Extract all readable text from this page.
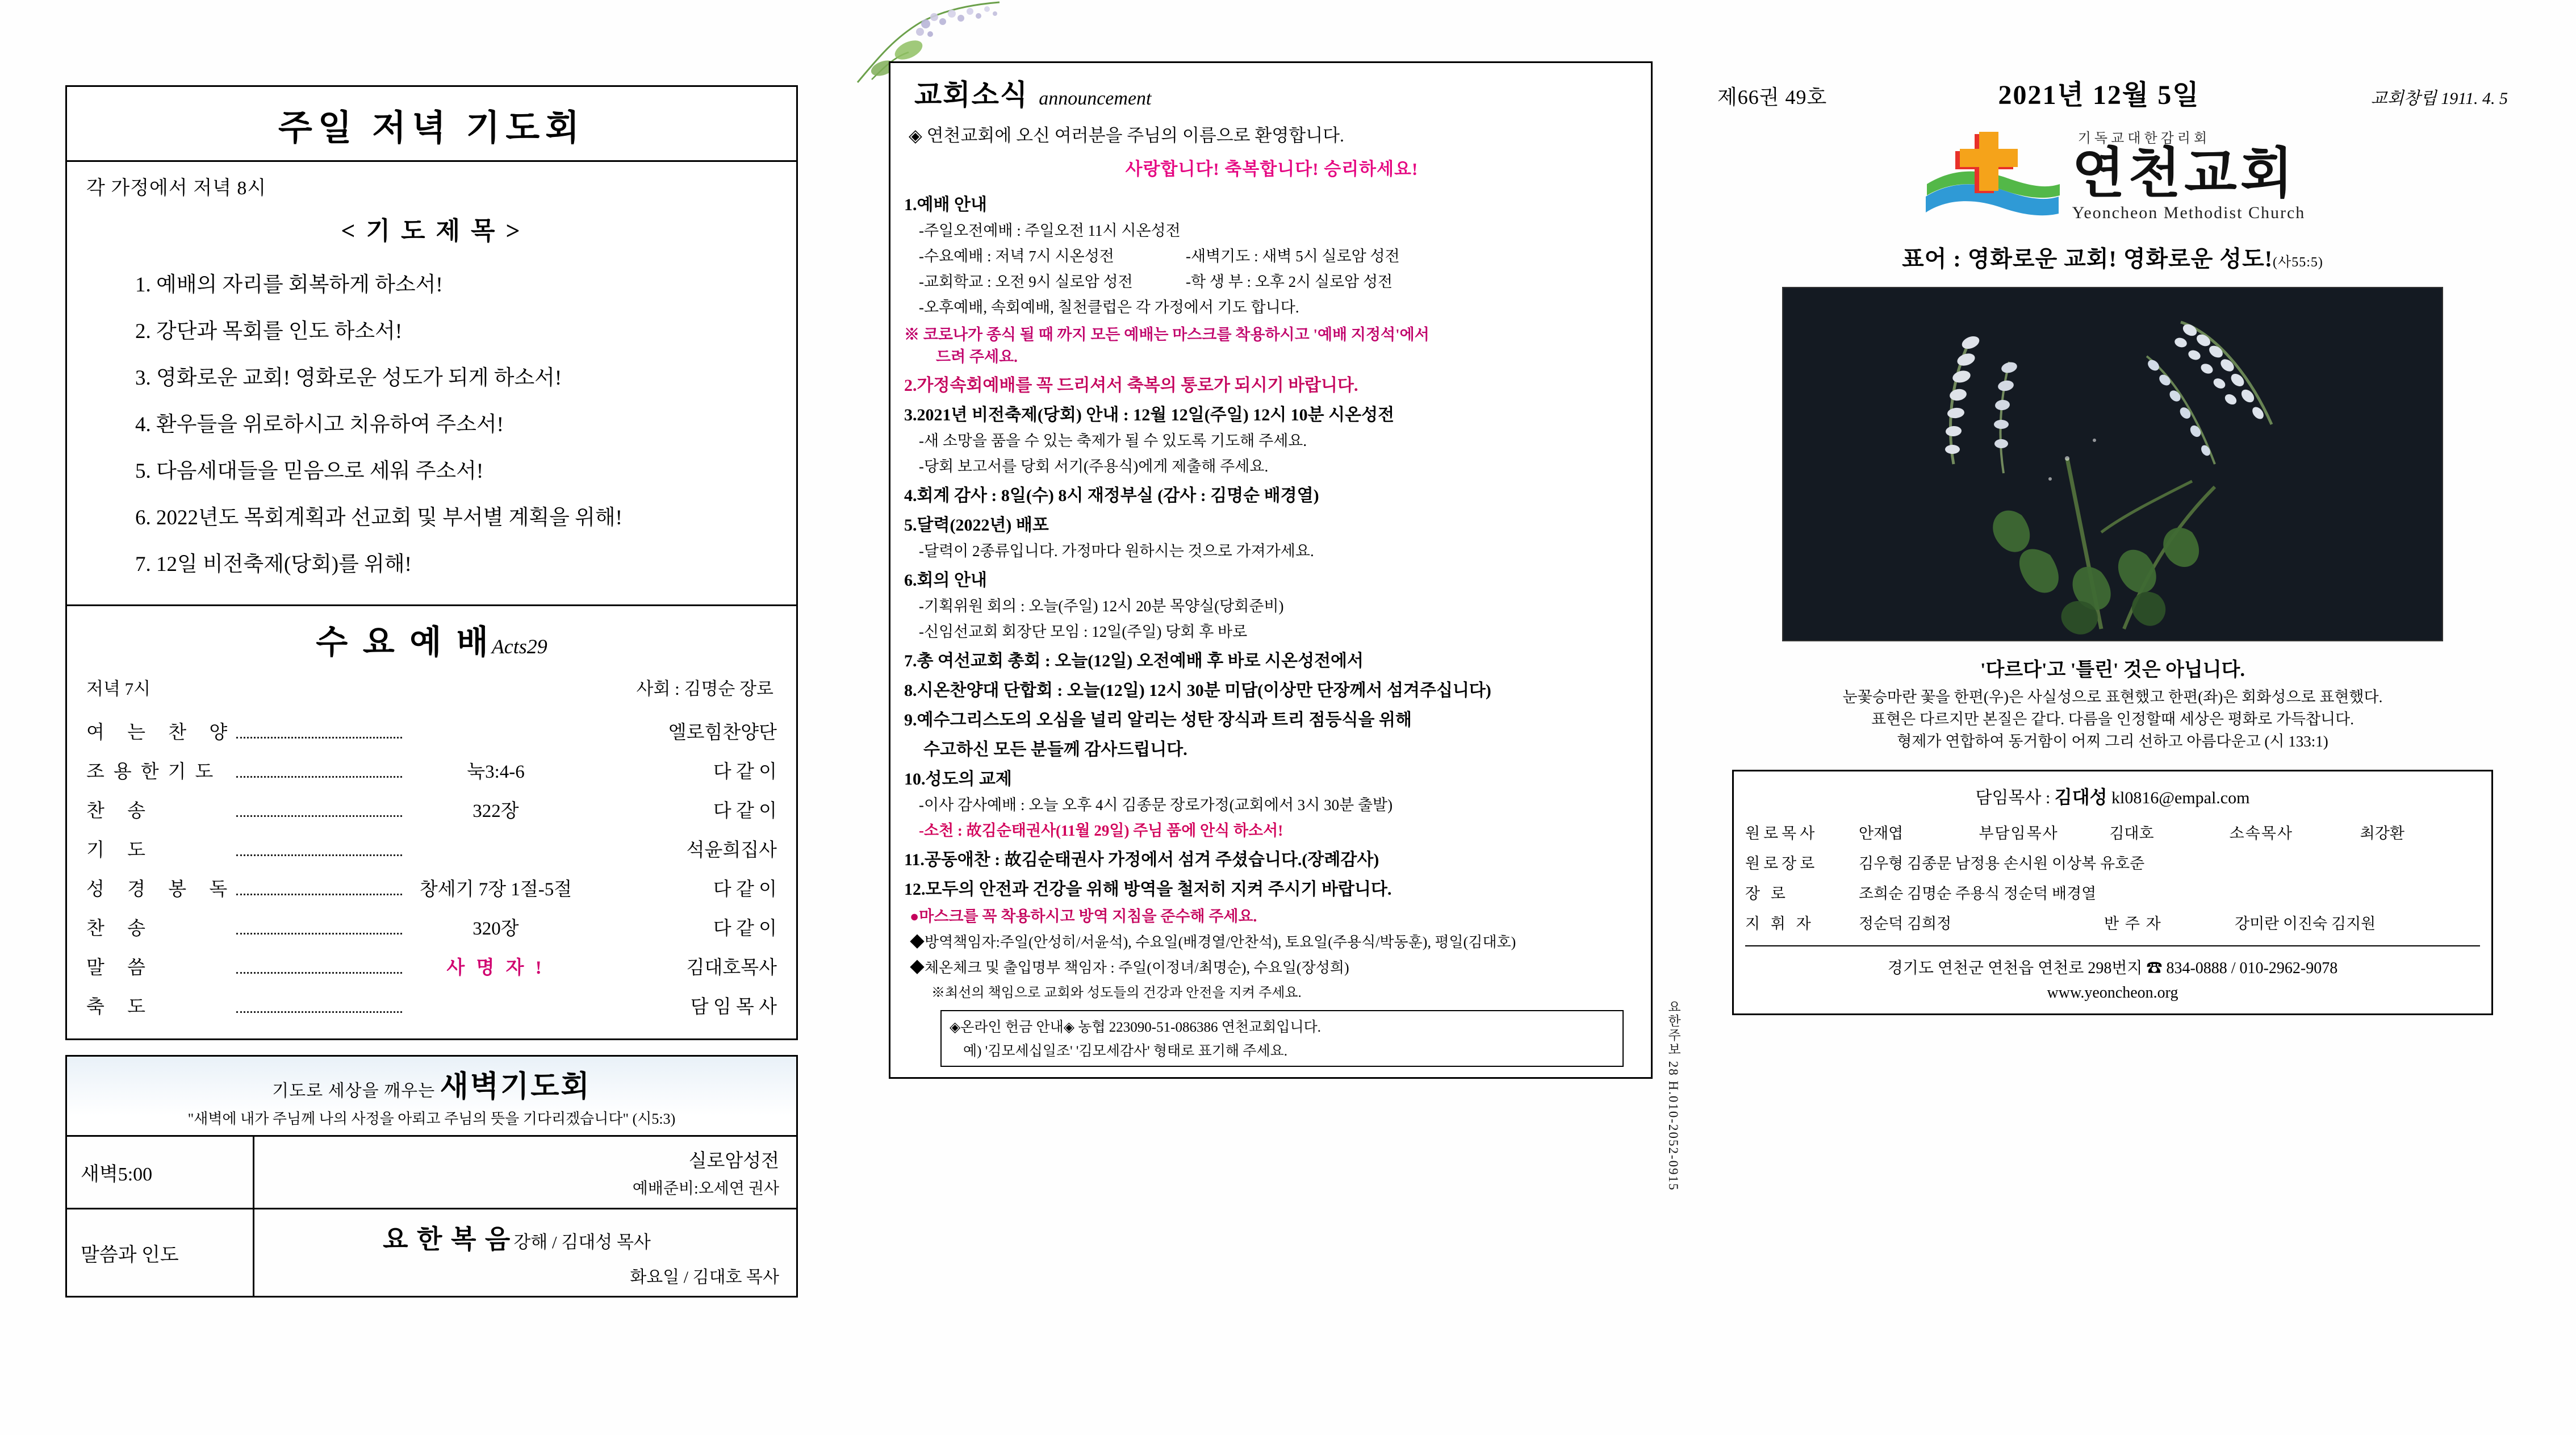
주일 저녁 기도회
각 가정에서 저녁 8시
< 기 도 제 목 >
1. 예배의 자리를 회복하게 하소서!
2. 강단과 목회를 인도 하소서!
3. 영화로운 교회! 영화로운 성도가 되게 하소서!
4. 환우들을 위로하시고 치유하여 주소서!
5. 다음세대들을 믿음으로 세워 주소서!
6. 2022년도 목회계획과 선교회 및 부서별 계획을 위해!
7. 12일 비전축제(당회)를 위해!
수 요 예 배Acts29
저녁 7시	사회 : 김명순 장로
여 는 찬 양			엘로힘찬양단
조용한기도		눅3:4-6	다 같 이
찬 송		322장	다 같 이
기 도			석윤희집사
성 경 봉 독		창세기 7장 1절-5절	다 같 이
찬 송		320장	다 같 이
말 씀		사 명 자 !	김대호목사
축 도			담 임 목 사
기도로 세상을 깨우는 새벽기도회
"새벽에 내가 주님께 나의 사정을 아뢰고 주님의 뜻을 기다리겠습니다" (시5:3)
새벽5:00
실로암성전
예배준비:오세연 권사
말씀과 인도
요 한 복 음 강해 / 김대성 목사
화요일 / 김대호 목사
교회소식 announcement
◈ 연천교회에 오신 여러분을 주님의 이름으로 환영합니다.
사랑합니다! 축복합니다! 승리하세요!
1.예배 안내
-주일오전예배 : 주일오전 11시 시온성전
-수요예배 : 저녁 7시 시온성전	-새벽기도 : 새벽 5시 실로암 성전
-교회학교 : 오전 9시 실로암 성전	-학 생 부 : 오후 2시 실로암 성전
-오후예배, 속회예배, 칠천클럽은 각 가정에서 기도 합니다.
※ 코로나가 종식 될 때 까지 모든 예배는 마스크를 착용하시고 '예배 지정석'에서
드려 주세요.
2.가정속회예배를 꼭 드리셔서 축복의 통로가 되시기 바랍니다.
3.2021년 비전축제(당회) 안내 : 12월 12일(주일) 12시 10분 시온성전
-새 소망을 품을 수 있는 축제가 될 수 있도록 기도해 주세요.
-당회 보고서를 당회 서기(주용식)에게 제출해 주세요.
4.회계 감사 : 8일(수) 8시 재정부실 (감사 : 김명순 배경열)
5.달력(2022년) 배포
-달력이 2종류입니다. 가정마다 원하시는 것으로 가져가세요.
6.회의 안내
-기획위원 회의 : 오늘(주일) 12시 20분 목양실(당회준비)
-신임선교회 회장단 모임 : 12일(주일) 당회 후 바로
7.총 여선교회 총회 : 오늘(12일) 오전예배 후 바로 시온성전에서
8.시온찬양대 단합회 : 오늘(12일) 12시 30분 미담(이상만 단장께서 섬겨주십니다)
9.예수그리스도의 오심을 널리 알리는 성탄 장식과 트리 점등식을 위해
수고하신 모든 분들께 감사드립니다.
10.성도의 교제
-이사 감사예배 : 오늘 오후 4시 김종문 장로가정(교회에서 3시 30분 출발)
-소천 : 故김순태권사(11월 29일) 주님 품에 안식 하소서!
11.공동애찬 : 故김순태권사 가정에서 섬겨 주셨습니다.(장례감사)
12.모두의 안전과 건강을 위해 방역을 철저히 지켜 주시기 바랍니다.
●마스크를 꼭 착용하시고 방역 지침을 준수해 주세요.
◆방역책임자:주일(안성히/서윤석), 수요일(배경열/안찬석), 토요일(주용식/박동훈), 평일(김대호)
◆체온체크 및 출입명부 책임자 : 주일(이정녀/최명순), 수요일(장성희)
※최선의 책임으로 교회와 성도들의 건강과 안전을 지켜 주세요.
◈온라인 헌금 안내◈ 농협 223090-51-086386 연천교회입니다.
예) '김모세십일조' '김모세감사' 형태로 표기해 주세요.	요한주보 28 H.010-2052-0915
제66권 49호	2021년 12월 5일	교회창립 1911. 4. 5
기독교대한감리회
연천교회
Yeoncheon Methodist Church
표어 : 영화로운 교회! 영화로운 성도!(사55:5)
'다르다'고 '틀린' 것은 아닙니다.
눈꽃승마란 꽃을 한편(우)은 사실성으로 표현했고 한편(좌)은 회화성으로 표현했다.
표현은 다르지만 본질은 같다. 다름을 인정할때 세상은 평화로 가득찹니다.
형제가 연합하여 동거함이 어찌 그리 선하고 아름다운고 (시 133:1)
담임목사 : 김대성 kl0816@empal.com
원로목사	안재엽	부담임목사	김대호	소속목사	최강환
원로장로	김우형 김종문 남정용 손시원 이상복 유호준
장 로	조희순 김명순 주용식 정순덕 배경열
지 휘 자	정순덕 김희정	반 주 자	강미란 이진숙 김지원
경기도 연천군 연천읍 연천로 298번지 ☎ 834-0888 / 010-2962-9078
www.yeoncheon.org
